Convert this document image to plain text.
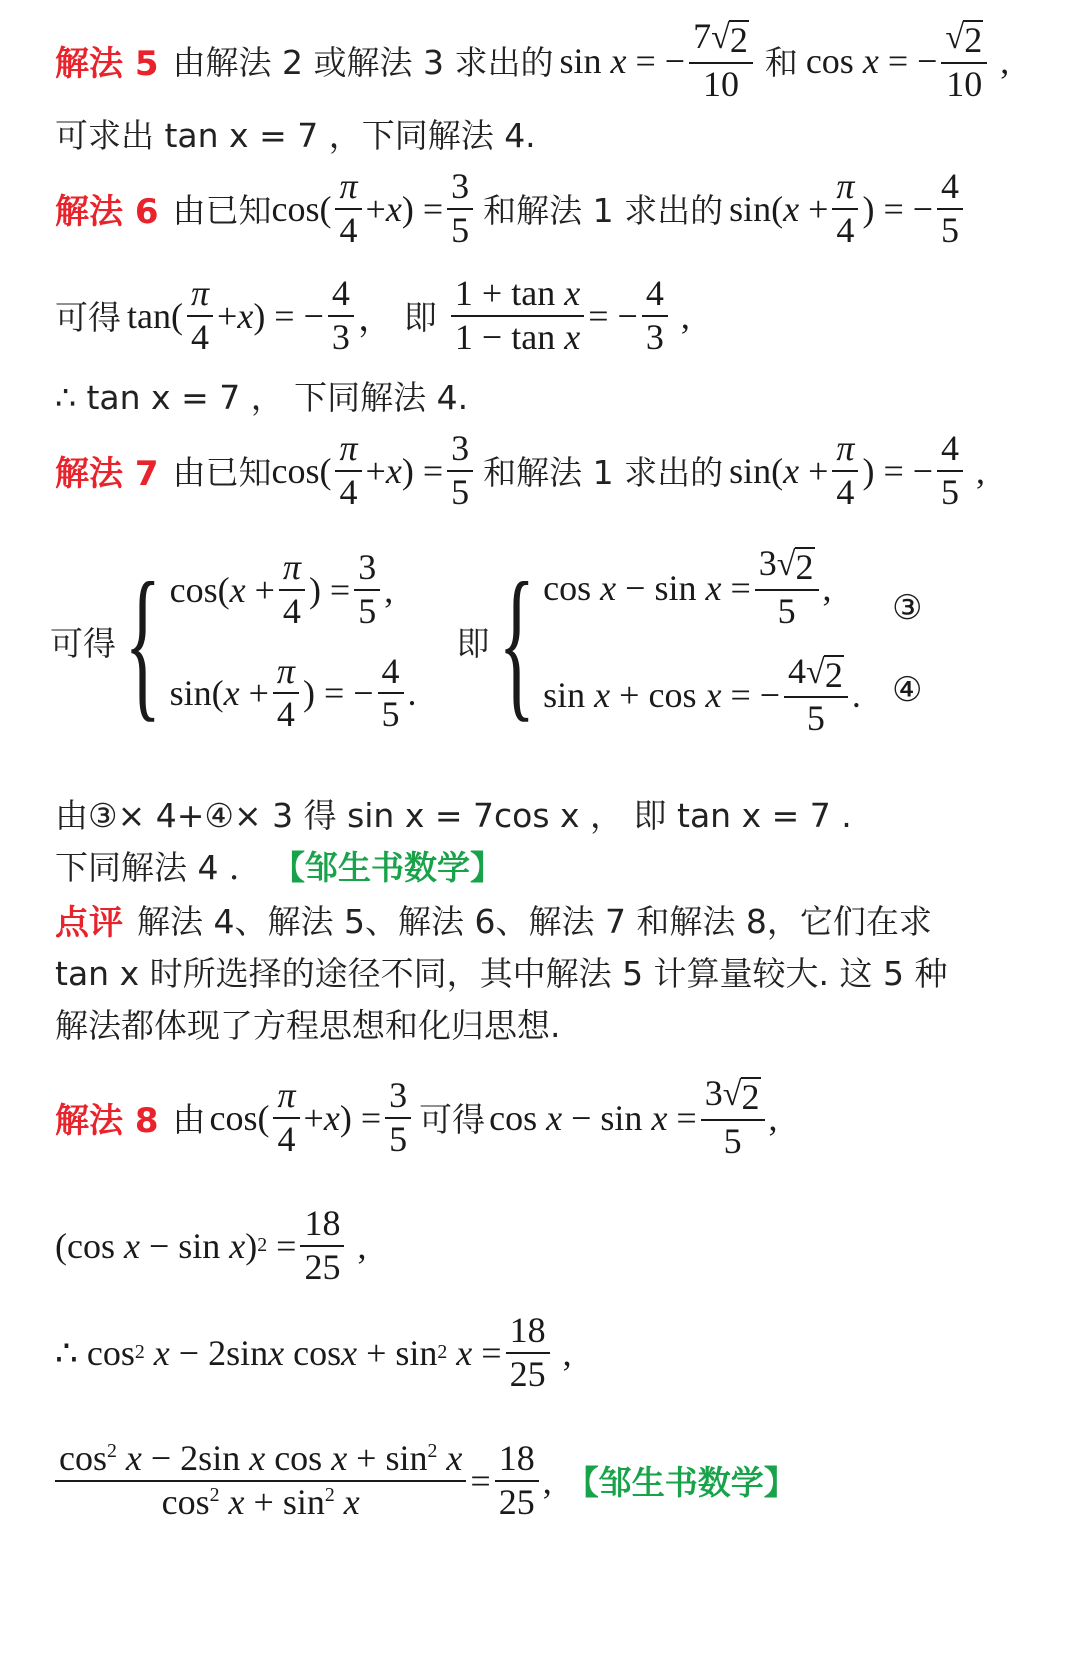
解法 5 由解法 2 或解法 3 求出的 sin x = − $\frac{7 √ 2}{10}$ 和 cos x = − $\frac{√ 2}{10}$ ,
可求出 tan x = 7 ，下同解法 4.
解法 6 由已知 $\cos( \frac{\pi}{4} + x$ ) = $\frac{3}{5}$ 和解法 1 求出的 sin( $x + \frac{\pi}{4}$ ) = − $\frac{4}{5}$
可得 $\tan( \frac{\pi}{4} + x$ ) = − $\frac{4}{3}$ ， 即 $\frac{\text{1 + tan x}}{\text{1 − tan x}}$ = − $\frac{4}{3}$ ,
∴ tan x = 7 ， 下同解法 4.
解法 7 由已知 $\cos( \frac{\pi}{4} + x$ ) = $\frac{3}{5}$ 和解法 1 求出的 sin( $x + \frac{\pi}{4}$ ) = − $\frac{4}{5}$ ,
可得 { cos( $x + \frac{\pi}{4}$ ) = $\frac{3}{5}$ ,
sin( $x + \frac{\pi}{4}$ ) = − $\frac{4}{5}$ .
即 { $\cos x - \sin x = \frac{3 √ 2}{5}$ ,
sin x + cos x = − $\frac{4 √ 2}{5}$ .
③
④
由③× 4+④× 3 得 sin x = 7cos x ， 即 tan x = 7 .
下同解法 4 ． 【邹生书数学】
点评 解法 4、解法 5、解法 6、解法 7 和解法 8，它们在求
tan x 时所选择的途径不同，其中解法 5 计算量较大. 这 5 种
解法都体现了方程思想和化归思想.
解法 8 由 $\cos( \frac{\pi}{4} + x$ ) = $\frac{3}{5}$ 可得 $\cos x - \sin x = \frac{3 √ 2}{5}$ ,
(cos x − sin x ) $2 = \frac{18}{25}$ ,
∴ cos 2
x − 2sin x cos x + sin 2
$x = \frac{18}{25}$ ,
$\frac{\cos^2 x - 2\sin x \cos x + \sin^2 x}{\cos^2 x + \sin^2 x} = \frac{18}{25}$ , 【邹生书数学】
